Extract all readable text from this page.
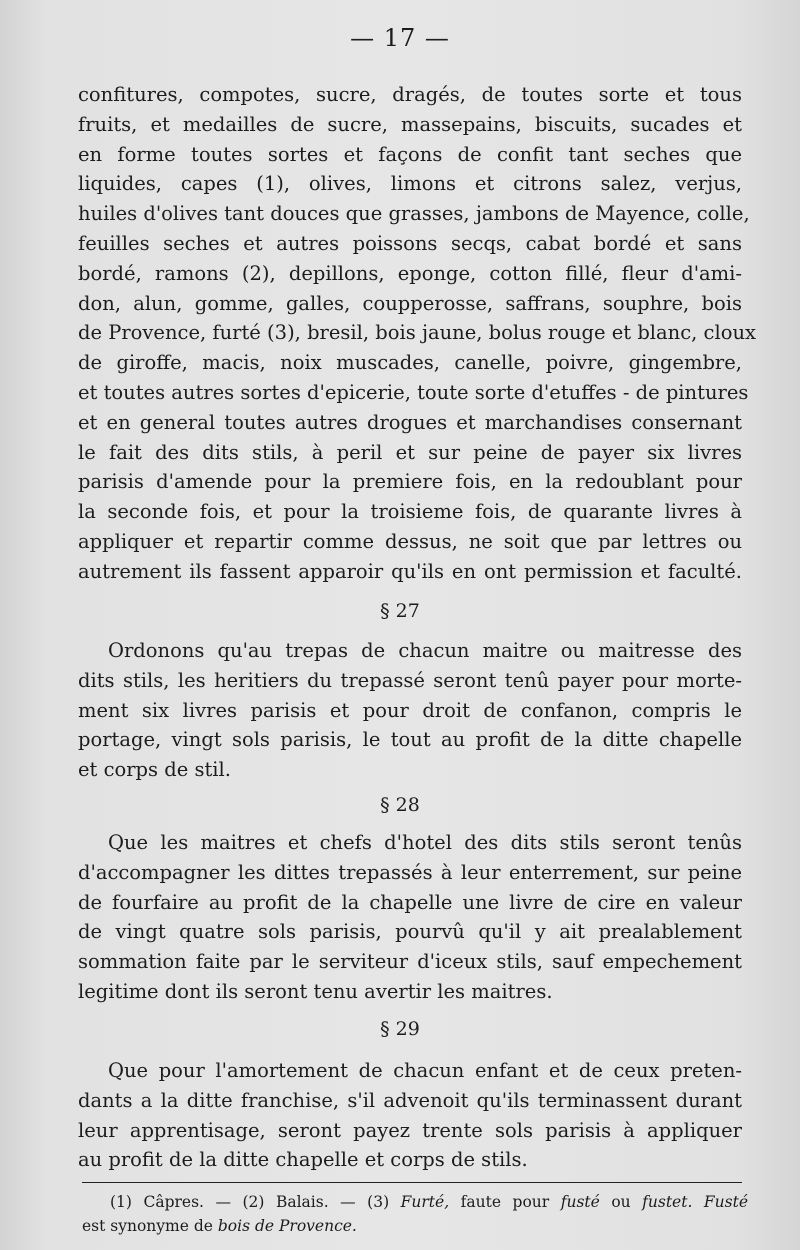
— 17 —
confitures, compotes, sucre, dragés, de toutes sorte et tous
fruits, et medailles de sucre, massepains, biscuits, sucades et
en forme toutes sortes et façons de confit tant seches que
liquides, capes (1), olives, limons et citrons salez, verjus,
huiles d'olives tant douces que grasses, jambons de Mayence, colle,
feuilles seches et autres poissons secqs, cabat bordé et sans
bordé, ramons (2), depillons, eponge, cotton fillé, fleur d'ami-
don, alun, gomme, galles, coupperosse, saffrans, souphre, bois
de Provence, furté (3), bresil, bois jaune, bolus rouge et blanc, cloux
de giroffe, macis, noix muscades, canelle, poivre, gingembre,
et toutes autres sortes d'epicerie, toute sorte d'etuffes - de pintures
et en general toutes autres drogues et marchandises consernant
le fait des dits stils, à peril et sur peine de payer six livres
parisis d'amende pour la premiere fois, en la redoublant pour
la seconde fois, et pour la troisieme fois, de quarante livres à
appliquer et repartir comme dessus, ne soit que par lettres ou
autrement ils fassent apparoir qu'ils en ont permission et faculté.
§ 27
Ordonons qu'au trepas de chacun maitre ou maitresse des
dits stils, les heritiers du trepassé seront tenû payer pour morte-
ment six livres parisis et pour droit de confanon, compris le
portage, vingt sols parisis, le tout au profit de la ditte chapelle
et corps de stil.
§ 28
Que les maitres et chefs d'hotel des dits stils seront tenûs
d'accompagner les dittes trepassés à leur enterrement, sur peine
de fourfaire au profit de la chapelle une livre de cire en valeur
de vingt quatre sols parisis, pourvû qu'il y ait prealablement
sommation faite par le serviteur d'iceux stils, sauf empechement
legitime dont ils seront tenu avertir les maitres.
§ 29
Que pour l'amortement de chacun enfant et de ceux preten-
dants a la ditte franchise, s'il advenoit qu'ils terminassent durant
leur apprentisage, seront payez trente sols parisis à appliquer
au profit de la ditte chapelle et corps de stils.
(1) Câpres. — (2) Balais. — (3) Furté, faute pour fusté ou fustet. Fusté
est synonyme de bois de Provence.
